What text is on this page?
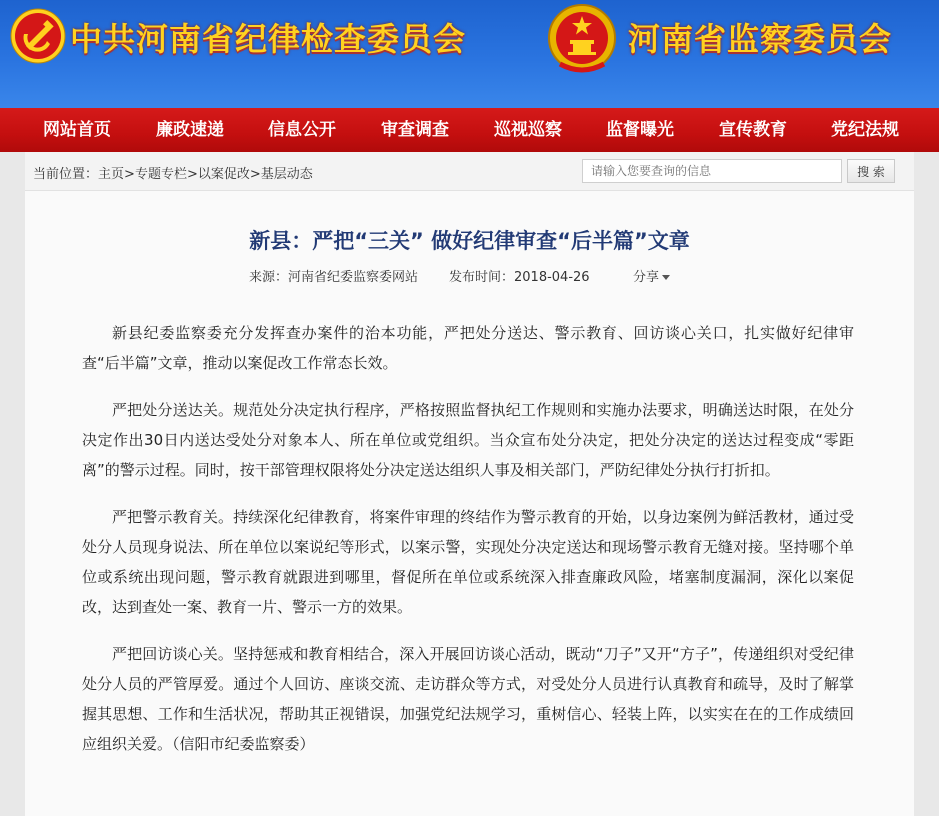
中共河南省纪律检查委员会	河南省监察委员会
网站首页	廉政速递	信息公开	审查调查	巡视巡察	监督曝光	宣传教育	党纪法规
当前位置：主页>专题专栏>以案促改>基层动态
请输入您要查询的信息	搜 索
新县：严把“三关” 做好纪律审查“后半篇”文章
来源：河南省纪委监察委网站 发布时间：2018-04-26	分享

新县纪委监察委充分发挥查办案件的治本功能，严把处分送达、警示教育、回访谈心关口，扎实做好纪律审查“后半篇”文章，推动以案促改工作常态长效。

严把处分送达关。规范处分决定执行程序，严格按照监督执纪工作规则和实施办法要求，明确送达时限，在处分决定作出30日内送达受处分对象本人、所在单位或党组织。当众宣布处分决定，把处分决定的送达过程变成“零距离”的警示过程。同时，按干部管理权限将处分决定送达组织人事及相关部门，严防纪律处分执行打折扣。

严把警示教育关。持续深化纪律教育，将案件审理的终结作为警示教育的开始，以身边案例为鲜活教材，通过受处分人员现身说法、所在单位以案说纪等形式，以案示警，实现处分决定送达和现场警示教育无缝对接。坚持哪个单位或系统出现问题，警示教育就跟进到哪里，督促所在单位或系统深入排查廉政风险，堵塞制度漏洞，深化以案促改，达到查处一案、教育一片、警示一方的效果。

严把回访谈心关。坚持惩戒和教育相结合，深入开展回访谈心活动，既动“刀子”又开“方子”，传递组织对受纪律处分人员的严管厚爱。通过个人回访、座谈交流、走访群众等方式，对受处分人员进行认真教育和疏导，及时了解掌握其思想、工作和生活状况，帮助其正视错误，加强党纪法规学习，重树信心、轻装上阵，以实实在在的工作成绩回应组织关爱。（信阳市纪委监察委）
